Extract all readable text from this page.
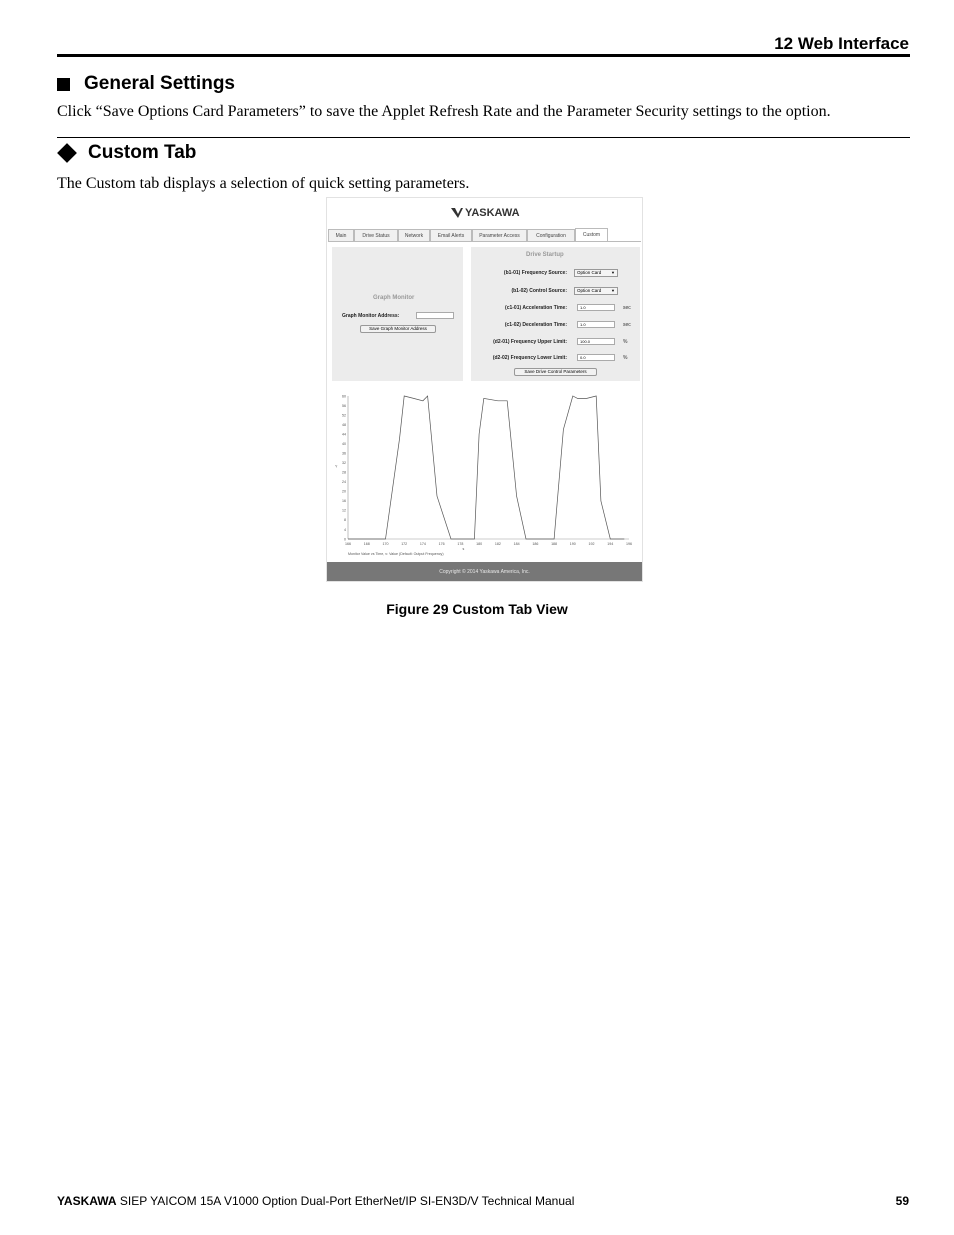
12 Web Interface
General Settings
Click “Save Options Card Parameters” to save the Applet Refresh Rate and the Parameter Security settings to the option.
Custom Tab
The Custom tab displays a selection of quick setting parameters.
YASKAWA
Main	Drive Status	Network	Email Alerts	Parameter Access	Configuration	Custom
Graph Monitor
Graph Monitor Address:
Save Graph Monitor Address
Drive Startup
(b1-01) Frequency Source:	Option Card ▼
(b1-02) Control Source:	Option Card ▼
(c1-01) Acceleration Time:	1.0	sec
(c1-02) Deceleration Time:	1.0	sec
(d2-01) Frequency Upper Limit:	100.0	%
(d2-02) Frequency Lower Limit:	0.0	%
Save Drive Control Parameters
0
4
8
12
16
20
24
28
32
36
40
44
48
52
56
60
166	168	170	172	174	176	178	180	182	184	186	188	190	192	194	196
Y
s
Monitor Value vs Time, v: Value (Default: Output Frequency)
Copyright © 2014 Yaskawa America, Inc.
Figure 29 Custom Tab View
YASKAWA SIEP YAICOM 15A V1000 Option Dual-Port EtherNet/IP SI-EN3D/V Technical Manual	59
